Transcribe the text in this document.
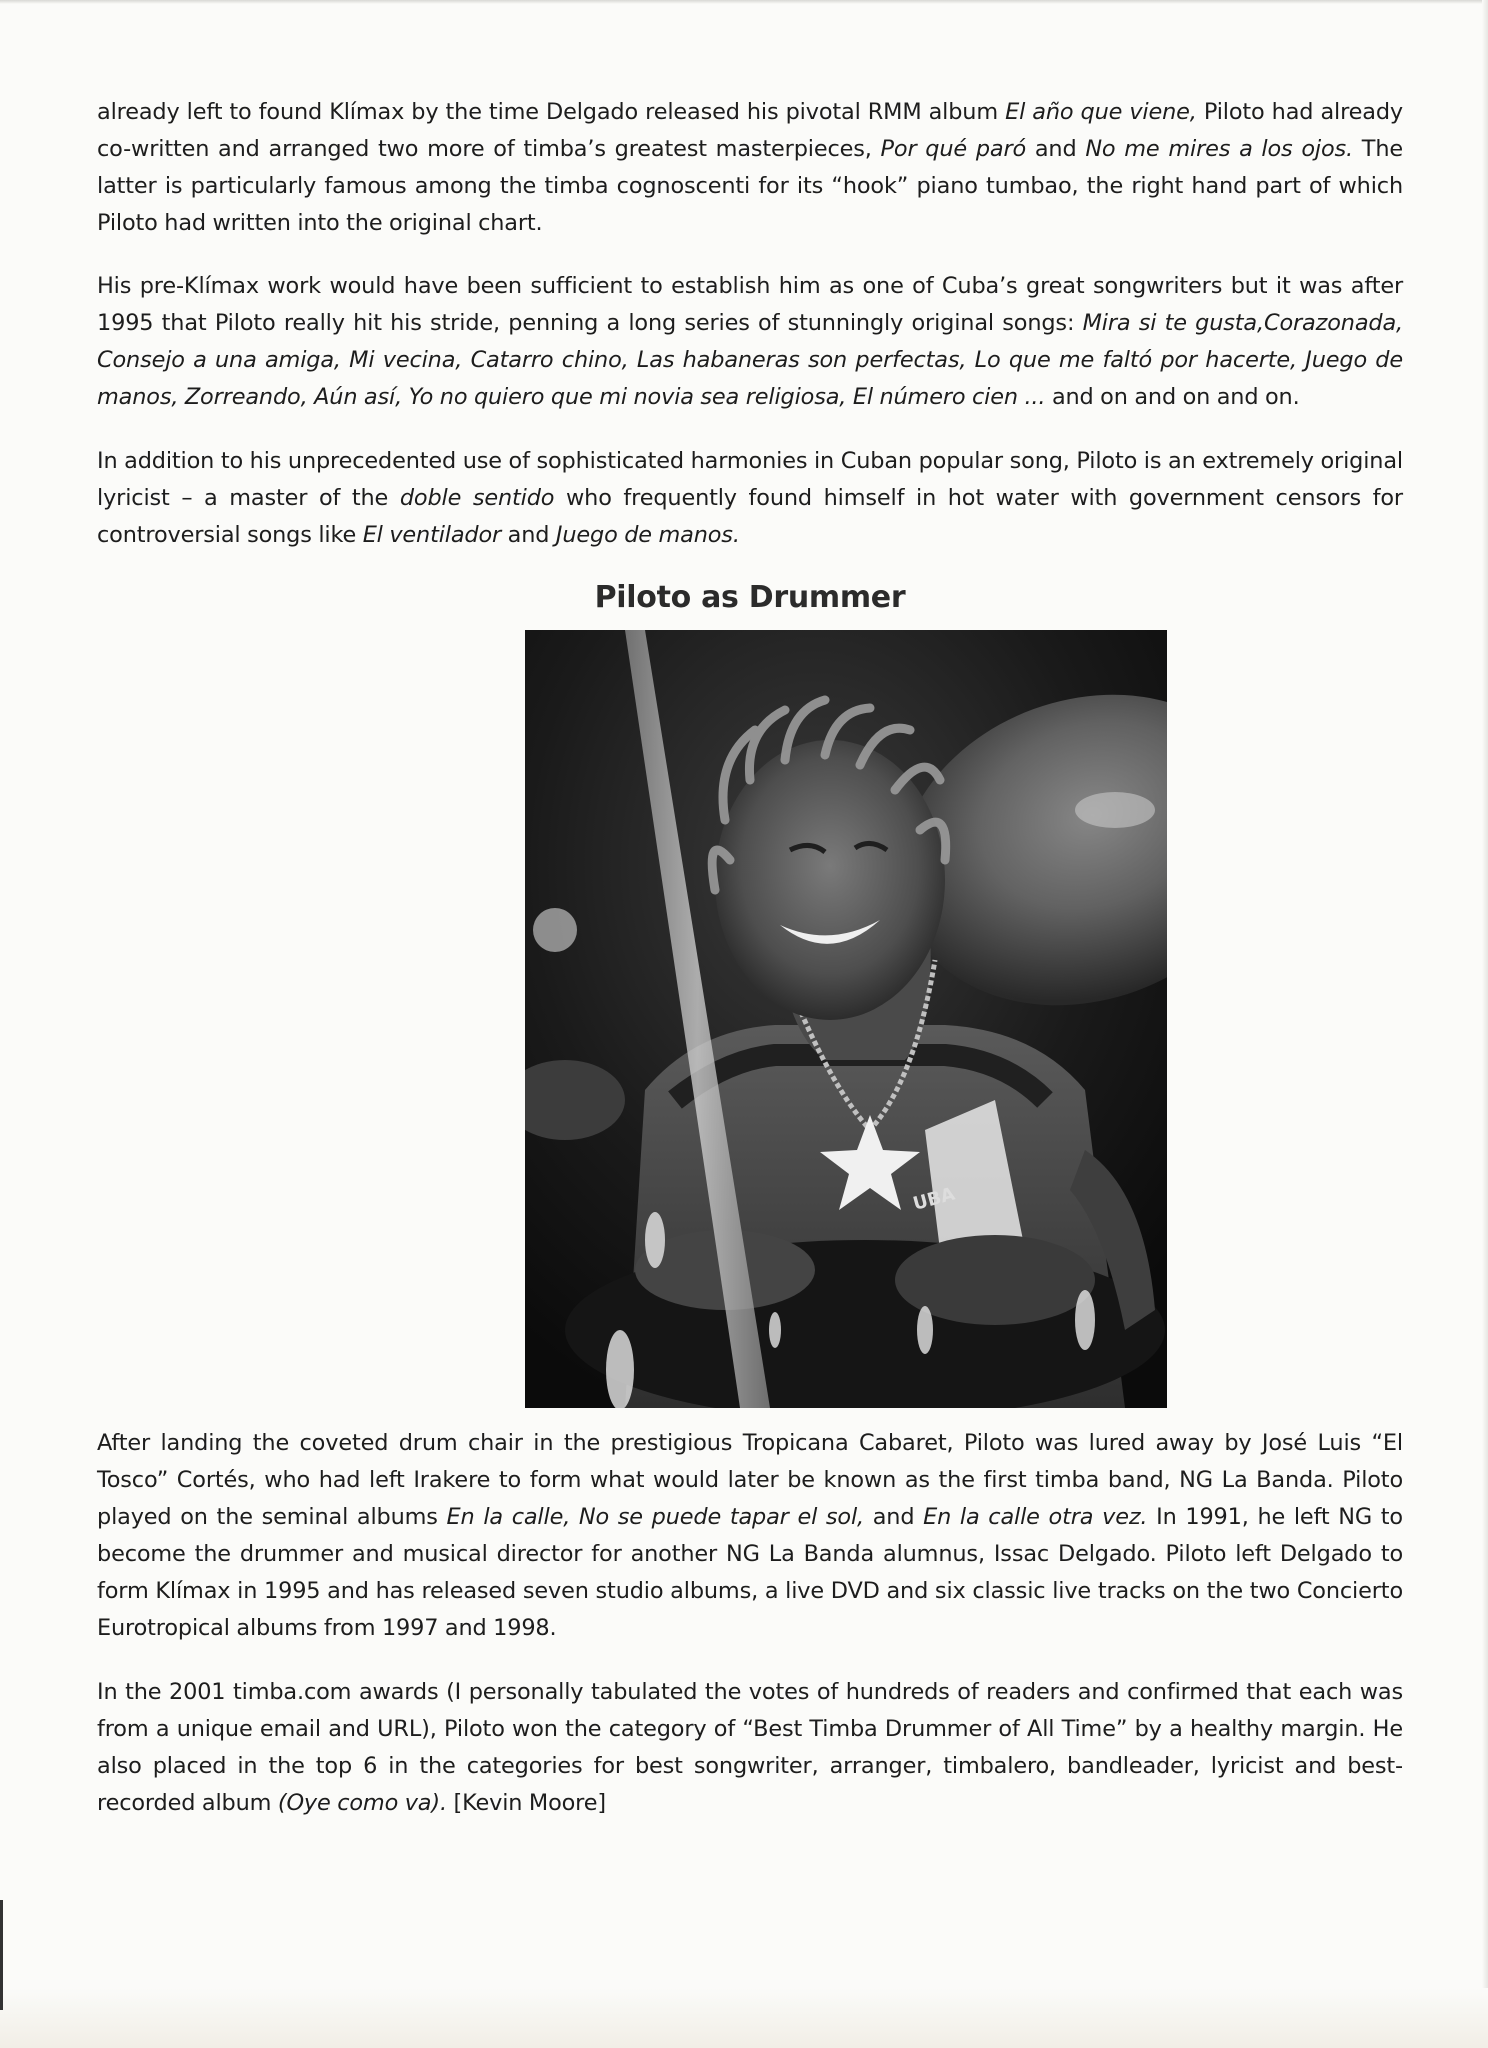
already left to found Klímax by the time Delgado released his pivotal RMM album El año que viene, Piloto had already co-written and arranged two more of timba’s greatest masterpieces, Por qué paró and No me mires a los ojos. The latter is particularly famous among the timba cognoscenti for its “hook” piano tumbao, the right hand part of which Piloto had written into the original chart.

His pre-Klímax work would have been sufficient to establish him as one of Cuba’s great songwriters but it was after 1995 that Piloto really hit his stride, penning a long series of stunningly original songs: Mira si te gusta,Corazonada, Consejo a una amiga, Mi vecina, Catarro chino, Las habaneras son perfectas, Lo que me faltó por hacerte, Juego de manos, Zorreando, Aún así, Yo no quiero que mi novia sea religiosa, El número cien ... and on and on and on.

In addition to his unprecedented use of sophisticated harmonies in Cuban popular song, Piloto is an extremely original lyricist – a master of the doble sentido who frequently found himself in hot water with government censors for controversial songs like El ventilador and Juego de manos.

Piloto as Drummer
UBA

After landing the coveted drum chair in the prestigious Tropicana Cabaret, Piloto was lured away by José Luis “El Tosco” Cortés, who had left Irakere to form what would later be known as the first timba band, NG La Banda. Piloto played on the seminal albums En la calle, No se puede tapar el sol, and En la calle otra vez. In 1991, he left NG to become the drummer and musical director for another NG La Banda alumnus, Issac Delgado. Piloto left Delgado to form Klímax in 1995 and has released seven studio albums, a live DVD and six classic live tracks on the two Concierto Eurotropical albums from 1997 and 1998.

In the 2001 timba.com awards (I personally tabulated the votes of hundreds of readers and confirmed that each was from a unique email and URL), Piloto won the category of “Best Timba Drummer of All Time” by a healthy margin. He also placed in the top 6 in the categories for best songwriter, arranger, timbalero, bandleader, lyricist and best-recorded album (Oye como va). [Kevin Moore]
